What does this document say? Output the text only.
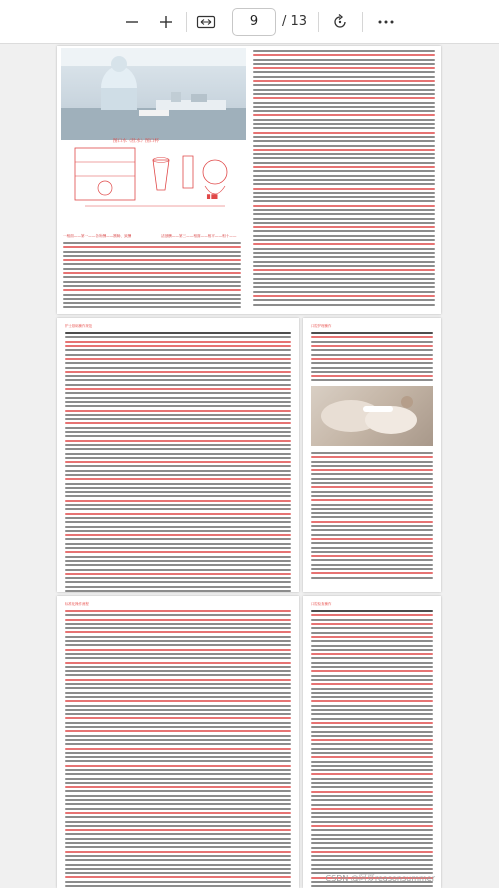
9	/ 13
█ ██
图口水（肚水）图口杯
一相面——第一——各所酬——额畅、致酬	活颈酬——第三——相面——相平——相十——
护士基础操作规范	口腔护理操作
标准化操作流程	口腔检查操作
CSDN @阿夏reasonsummer
